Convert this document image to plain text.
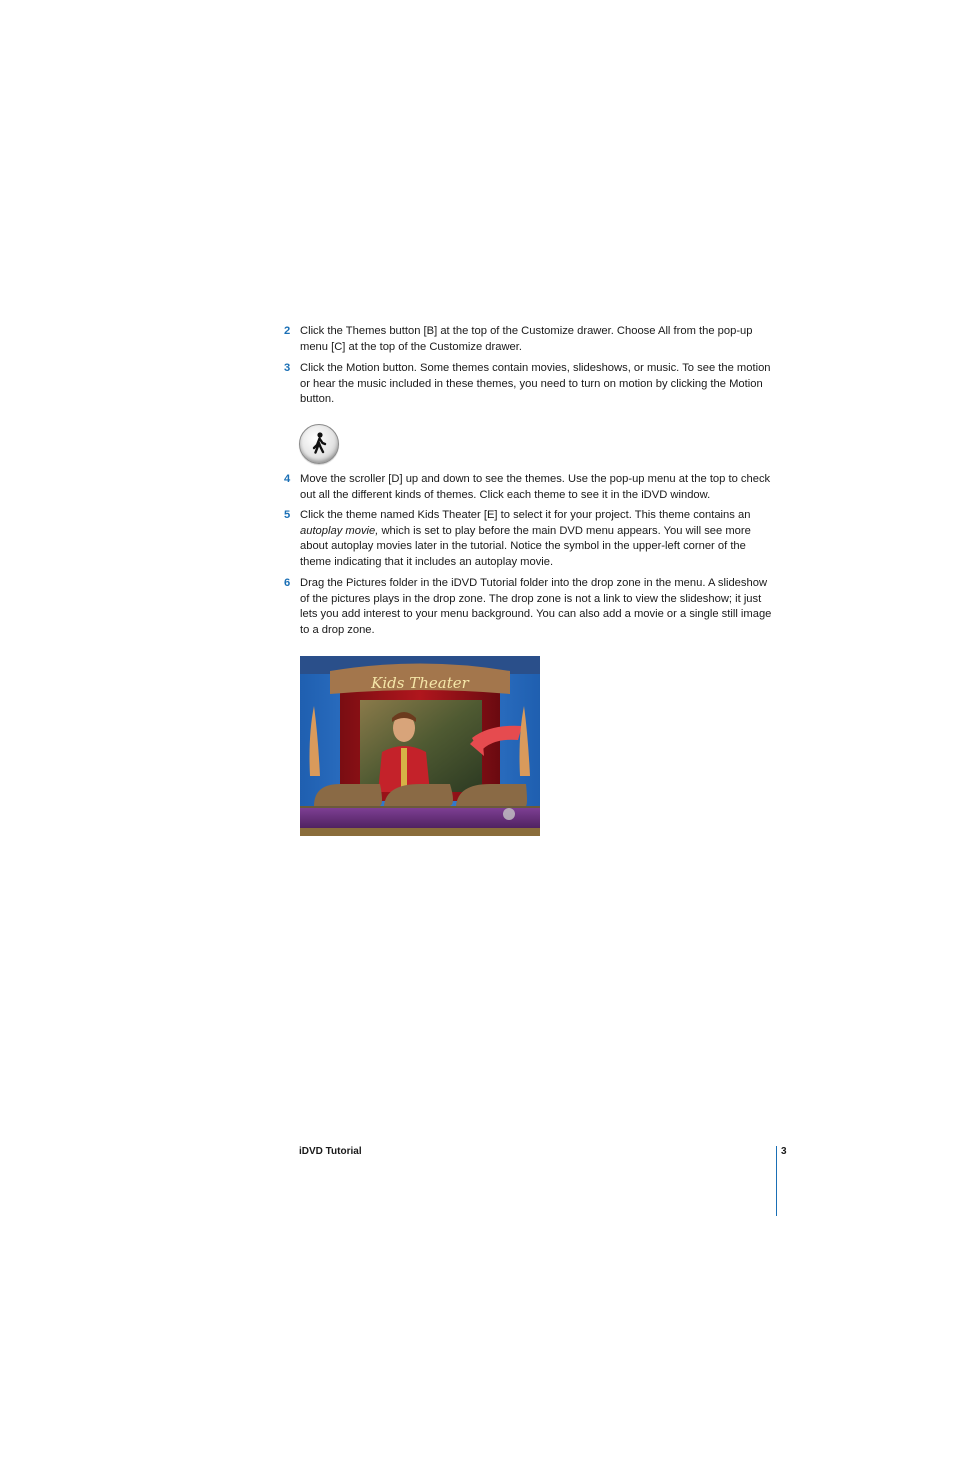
2 Click the Themes button [B] at the top of the Customize drawer. Choose All from the pop-up menu [C] at the top of the Customize drawer.
3 Click the Motion button. Some themes contain movies, slideshows, or music. To see the motion or hear the music included in these themes, you need to turn on motion by clicking the Motion button.
4 Move the scroller [D] up and down to see the themes. Use the pop-up menu at the top to check out all the different kinds of themes. Click each theme to see it in the iDVD window.
5 Click the theme named Kids Theater [E] to select it for your project. This theme contains an autoplay movie, which is set to play before the main DVD menu appears. You will see more about autoplay movies later in the tutorial. Notice the symbol in the upper-left corner of the theme indicating that it includes an autoplay movie.
6 Drag the Pictures folder in the iDVD Tutorial folder into the drop zone in the menu. A slideshow of the pictures plays in the drop zone. The drop zone is not a link to view the slideshow; it just lets you add interest to your menu background. You can also add a movie or a single still image to a drop zone.
Kids Theater
iDVD Tutorial	3
